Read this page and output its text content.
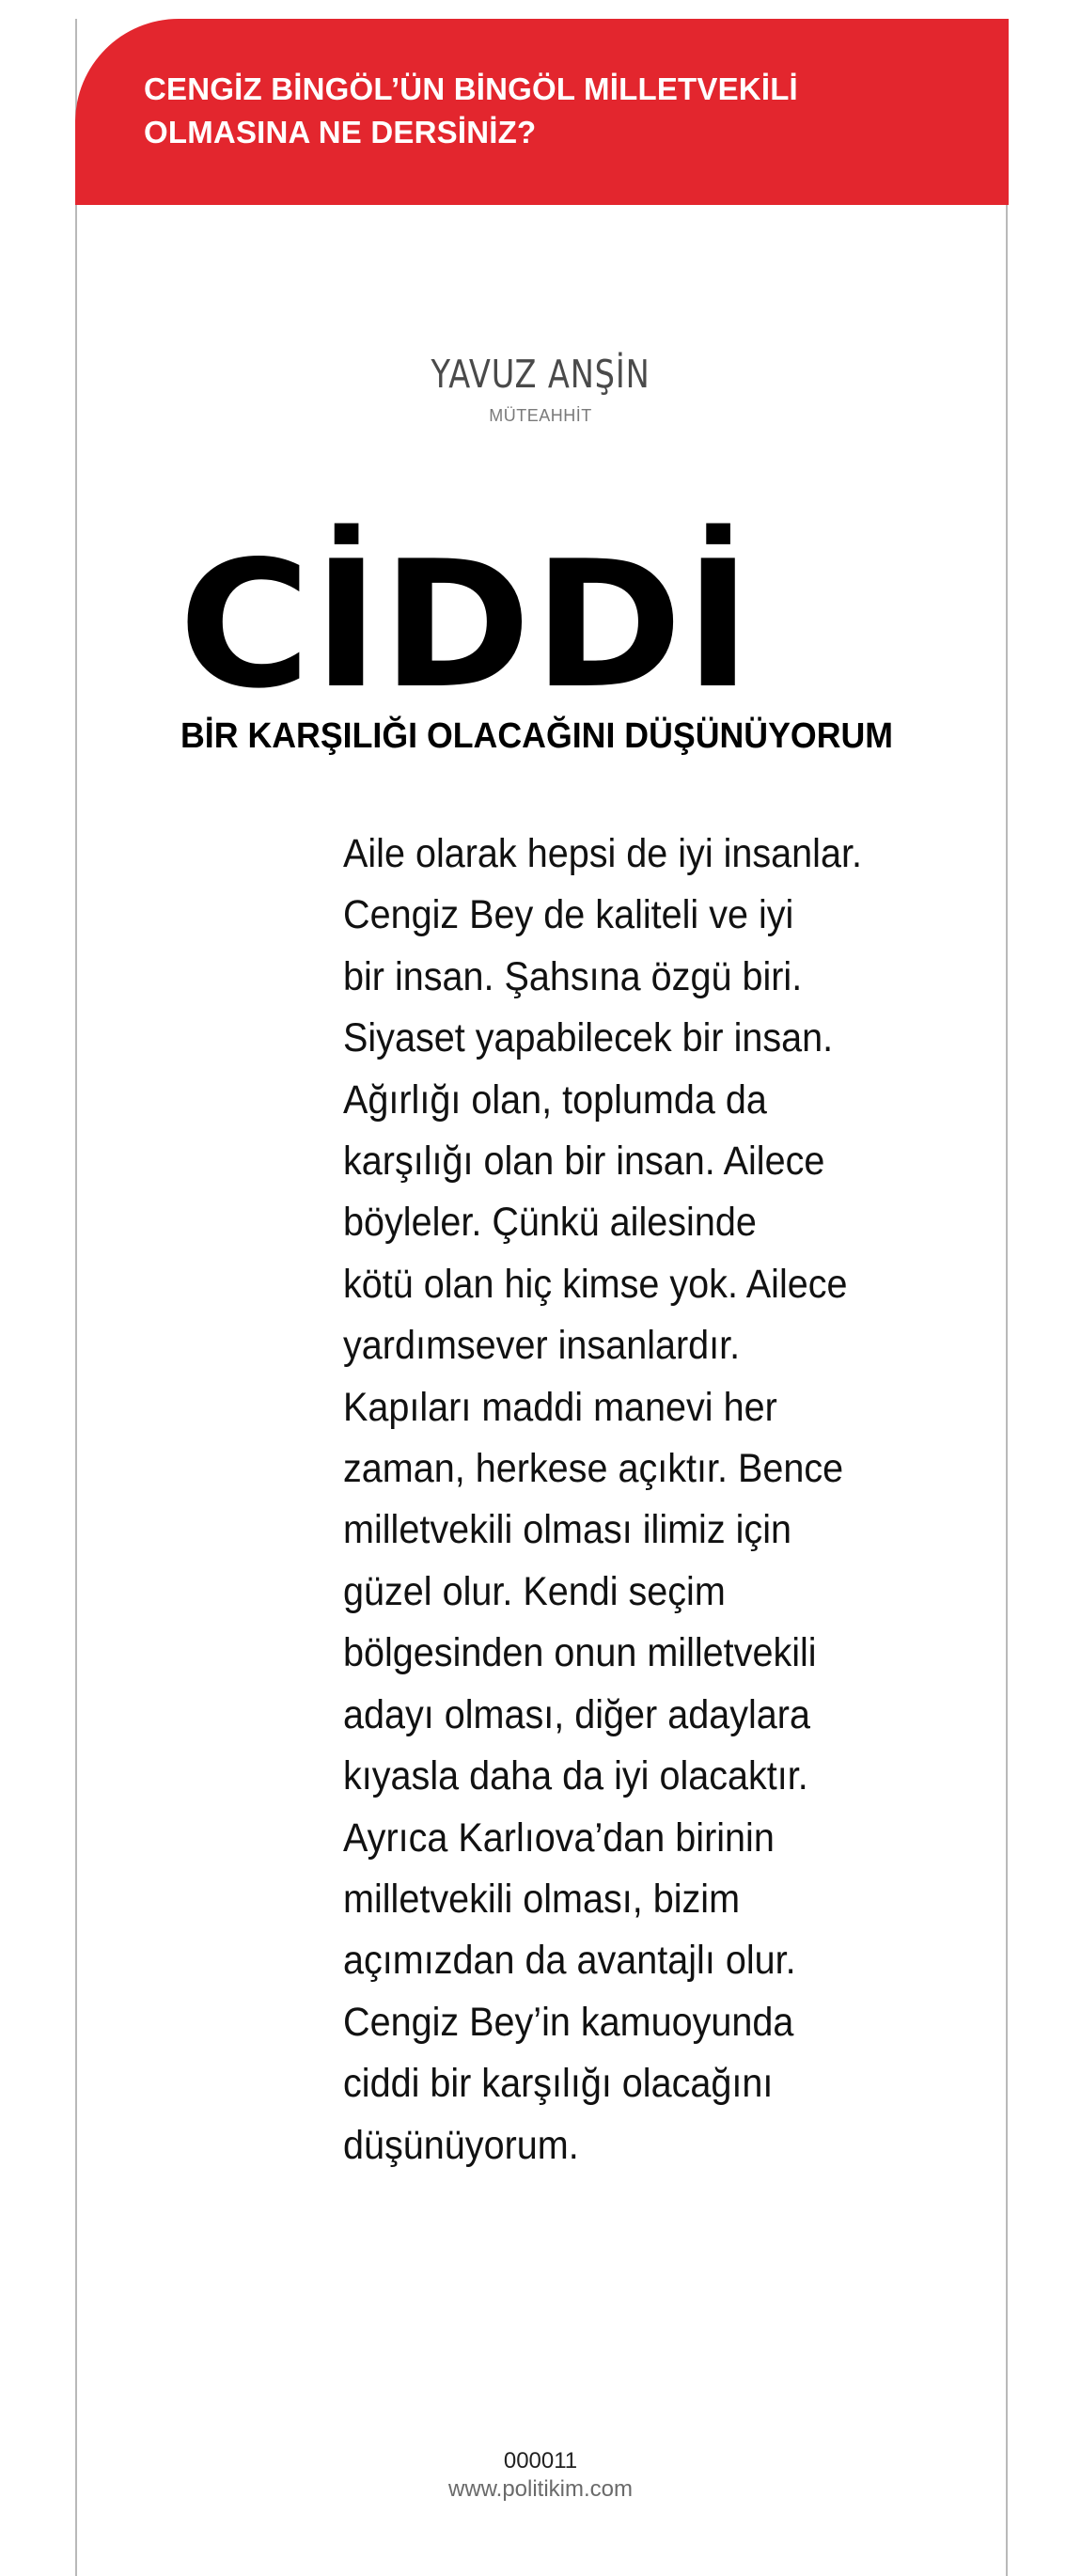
CENGİZ BİNGÖL’ÜN BİNGÖL MİLLETVEKİLİ OLMASINA NE DERSİNİZ?
YAVUZ ANŞİN
MÜTEAHHİT
CİDDİ
BİR KARŞILIĞI OLACAĞINI DÜŞÜNÜYORUM
Aile olarak hepsi de iyi insanlar.
Cengiz Bey de kaliteli ve iyi
bir insan. Şahsına özgü biri.
Siyaset yapabilecek bir insan.
Ağırlığı olan, toplumda da
karşılığı olan bir insan. Ailece
böyleler. Çünkü ailesinde
kötü olan hiç kimse yok. Ailece
yardımsever insanlardır.
Kapıları maddi manevi her
zaman, herkese açıktır. Bence
milletvekili olması ilimiz için
güzel olur. Kendi seçim
bölgesinden onun milletvekili
adayı olması, diğer adaylara
kıyasla daha da iyi olacaktır.
Ayrıca Karlıova’dan birinin
milletvekili olması, bizim
açımızdan da avantajlı olur.
Cengiz Bey’in kamuoyunda
ciddi bir karşılığı olacağını
düşünüyorum.
000011
www.politikim.com
